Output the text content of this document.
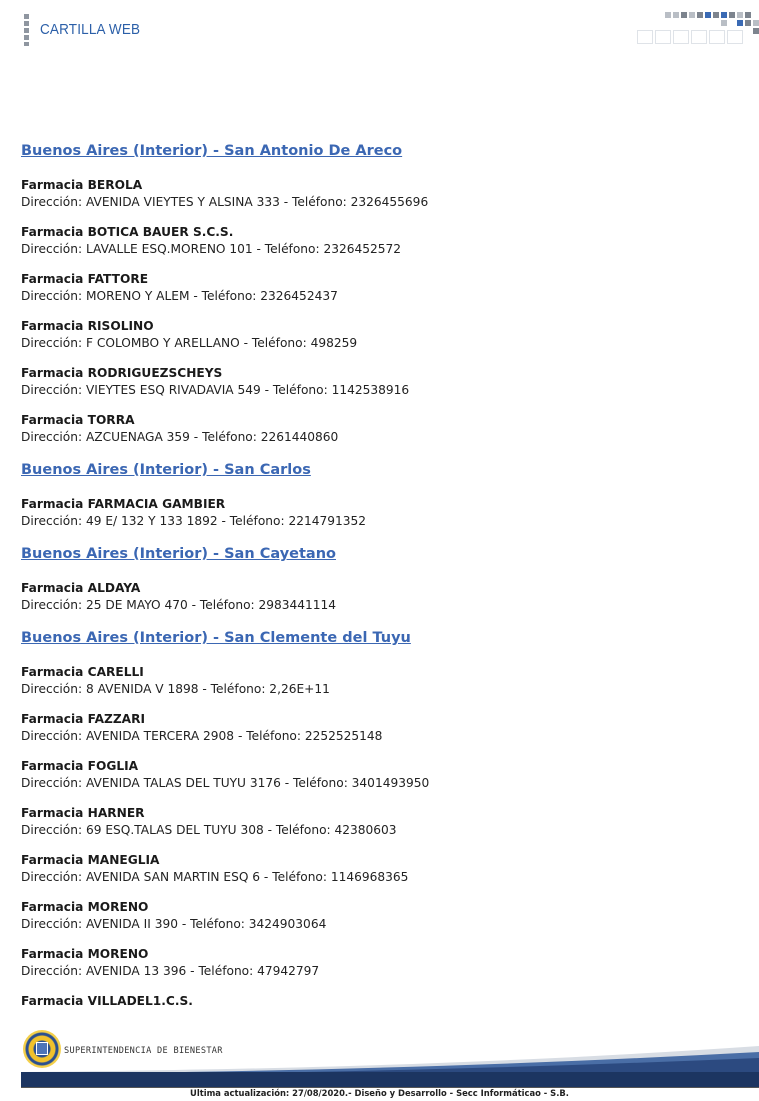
CARTILLA WEB
Buenos Aires (Interior) - San Antonio De Areco
Farmacia BEROLA
Dirección: AVENIDA VIEYTES Y ALSINA 333 - Teléfono: 2326455696
Farmacia BOTICA BAUER S.C.S.
Dirección: LAVALLE ESQ.MORENO 101 - Teléfono: 2326452572
Farmacia FATTORE
Dirección: MORENO Y ALEM - Teléfono: 2326452437
Farmacia RISOLINO
Dirección: F COLOMBO Y ARELLANO - Teléfono: 498259
Farmacia RODRIGUEZSCHEYS
Dirección: VIEYTES ESQ RIVADAVIA 549 - Teléfono: 1142538916
Farmacia TORRA
Dirección: AZCUENAGA 359 - Teléfono: 2261440860
Buenos Aires (Interior) - San Carlos
Farmacia FARMACIA GAMBIER
Dirección: 49 E/ 132 Y 133 1892 - Teléfono: 2214791352
Buenos Aires (Interior) - San Cayetano
Farmacia ALDAYA
Dirección: 25 DE MAYO 470 - Teléfono: 2983441114
Buenos Aires (Interior) - San Clemente del Tuyu
Farmacia CARELLI
Dirección: 8 AVENIDA V 1898 - Teléfono: 2,26E+11
Farmacia FAZZARI
Dirección: AVENIDA TERCERA 2908 - Teléfono: 2252525148
Farmacia FOGLIA
Dirección: AVENIDA TALAS DEL TUYU 3176 - Teléfono: 3401493950
Farmacia HARNER
Dirección: 69 ESQ.TALAS DEL TUYU 308 - Teléfono: 42380603
Farmacia MANEGLIA
Dirección: AVENIDA SAN MARTIN ESQ 6 - Teléfono: 1146968365
Farmacia MORENO
Dirección: AVENIDA II 390 - Teléfono: 3424903064
Farmacia MORENO
Dirección: AVENIDA 13 396 - Teléfono: 47942797
Farmacia VILLADEL1.C.S.
SUPERINTENDENCIA DE BIENESTAR
Ultima actualización: 27/08/2020.- Diseño y Desarrollo - Secc Informáticao - S.B.
